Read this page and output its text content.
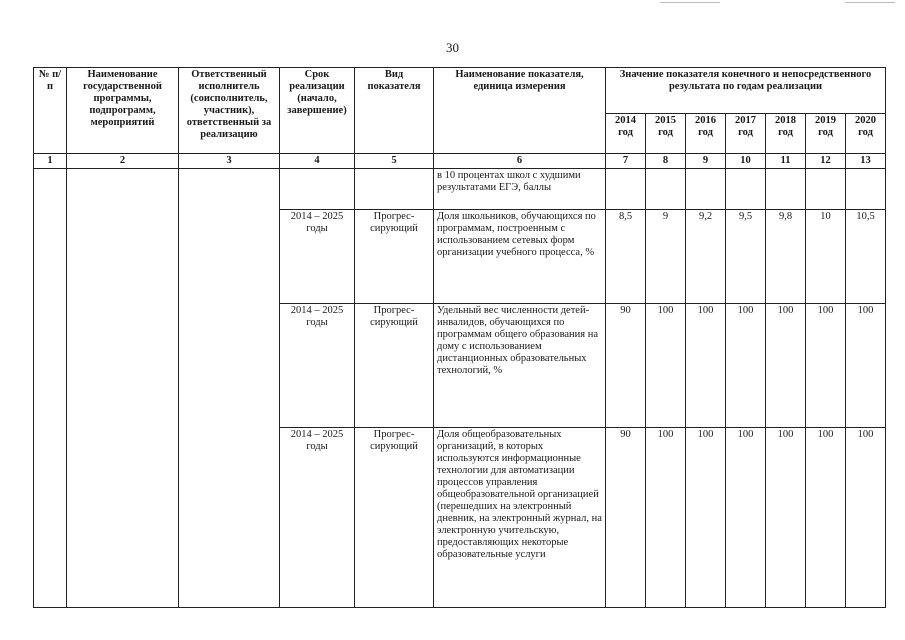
30
№ п/п	Наименование государственной программы, подпрограмм, мероприятий	Ответственный исполнитель (соисполнитель, участник), ответственный за реализацию	Срок реализации (начало, завершение)	Вид показателя	Наименование показателя, единица измерения	Значение показателя конечного и непосредственного результата по годам реализации						
						2014 год	2015 год	2016 год	2017 год	2018 год	2019 год	2020 год
1	2	3	4	5	6	7	8	9	10	11	12	13
					в 10 процентах школ с худшими результатами ЕГЭ, баллы							
			2014 – 2025 годы	Прогрессирующий	Доля школьников, обучающихся по программам, построенным с использованием сетевых форм организации учебного процесса, %	8,5	9	9,2	9,5	9,8	10	10,5
			2014 – 2025 годы	Прогрессирующий	Удельный вес численности детей-инвалидов, обучающихся по программам общего образования на дому с использованием дистанционных образовательных технологий, %	90	100	100	100	100	100	100
			2014 – 2025 годы	Прогрессирующий	Доля общеобразовательных организаций, в которых используются информационные технологии для автоматизации процессов управления общеобразовательной организацией (перешедших на электронный дневник, на электронный журнал, на электронную учительскую, предоставляющих некоторые образовательные услуги	90	100	100	100	100	100	100
